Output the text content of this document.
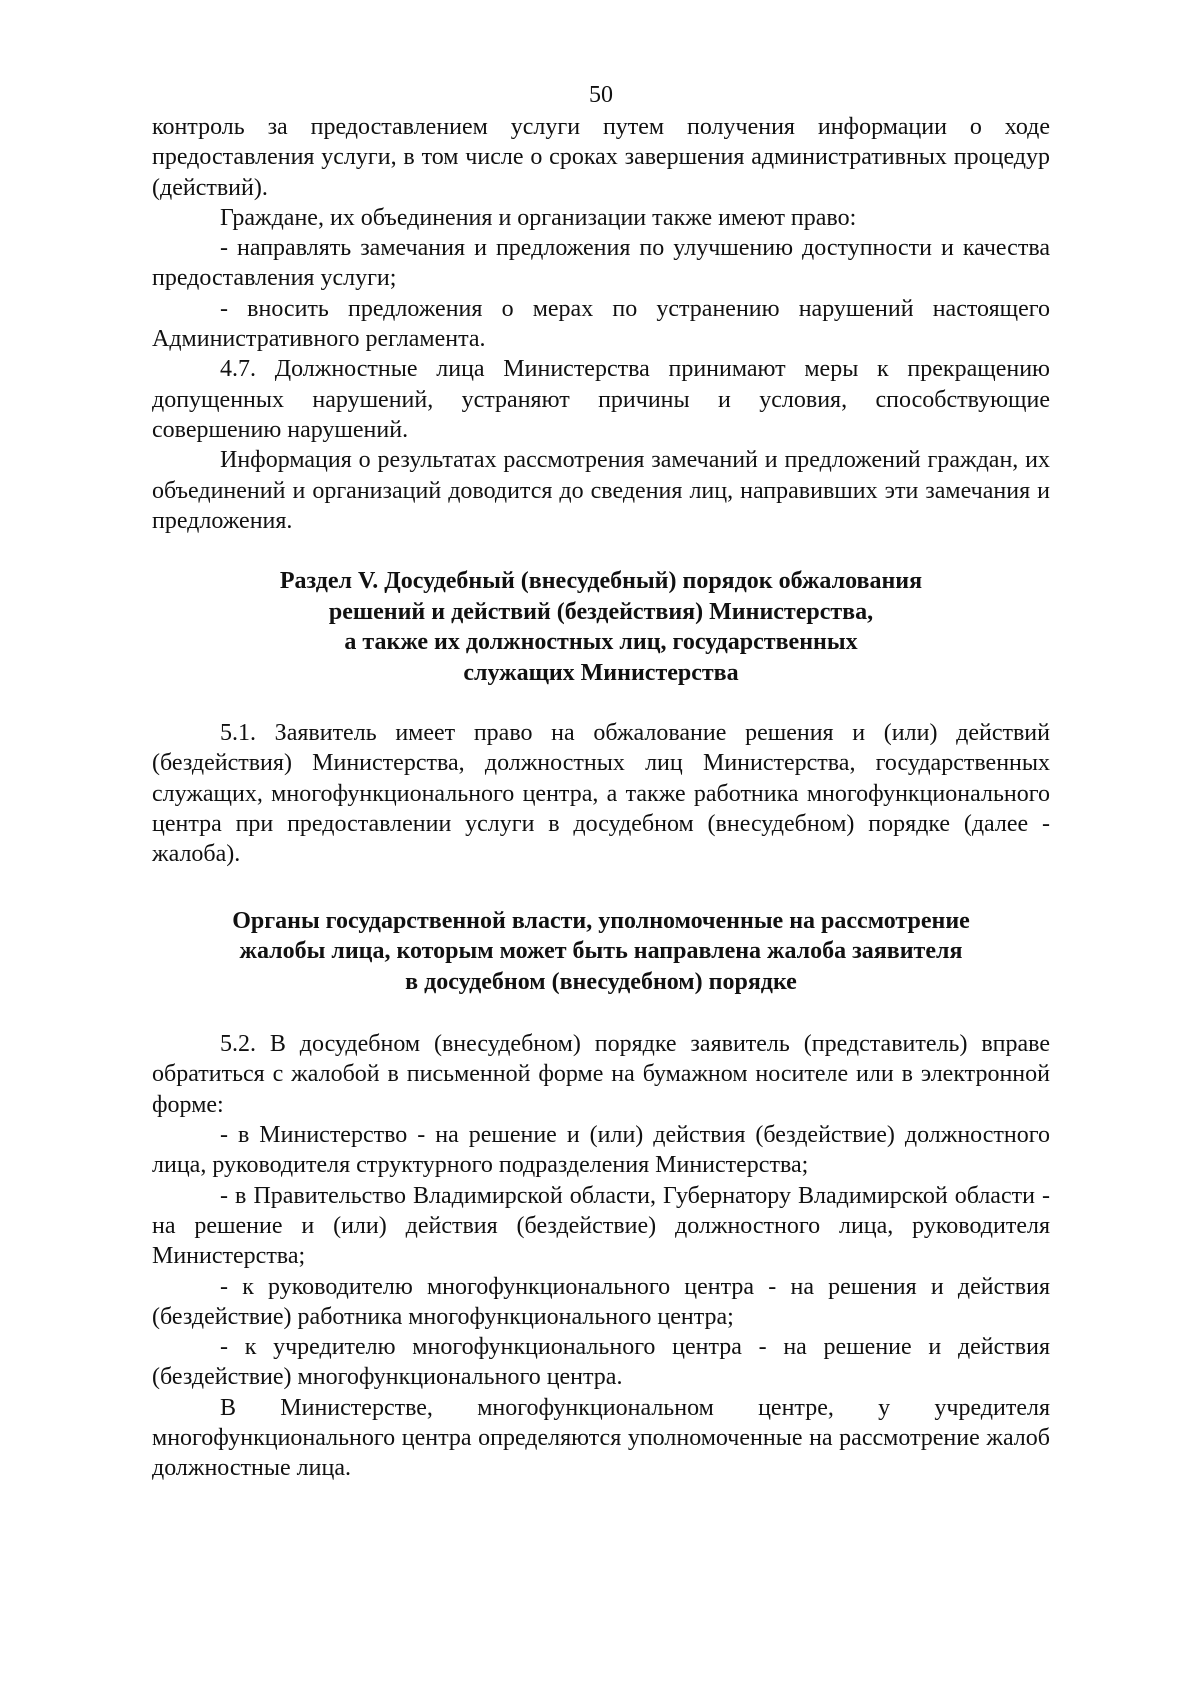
50

контроль за предоставлением услуги путем получения информации о ходе предоставления услуги, в том числе о сроках завершения административных процедур (действий).

Граждане, их объединения и организации также имеют право:

- направлять замечания и предложения по улучшению доступности и качества предоставления услуги;

- вносить предложения о мерах по устранению нарушений настоящего Административного регламента.

4.7. Должностные лица Министерства принимают меры к прекращению допущенных нарушений, устраняют причины и условия, способствующие совершению нарушений.

Информация о результатах рассмотрения замечаний и предложений граждан, их объединений и организаций доводится до сведения лиц, направивших эти замечания и предложения.

Раздел V. Досудебный (внесудебный) порядок обжалования
решений и действий (бездействия) Министерства,
а также их должностных лиц, государственных
служащих Министерства

5.1. Заявитель имеет право на обжалование решения и (или) действий (бездействия) Министерства, должностных лиц Министерства, государственных служащих, многофункционального центра, а также работника многофункционального центра при предоставлении услуги в досудебном (внесудебном) порядке (далее - жалоба).

Органы государственной власти, уполномоченные на рассмотрение
жалобы лица, которым может быть направлена жалоба заявителя
в досудебном (внесудебном) порядке

5.2. В досудебном (внесудебном) порядке заявитель (представитель) вправе обратиться с жалобой в письменной форме на бумажном носителе или в электронной форме:

- в Министерство - на решение и (или) действия (бездействие) должностного лица, руководителя структурного подразделения Министерства;

- в Правительство Владимирской области, Губернатору Владимирской области - на решение и (или) действия (бездействие) должностного лица, руководителя Министерства;

- к руководителю многофункционального центра - на решения и действия (бездействие) работника многофункционального центра;

- к учредителю многофункционального центра - на решение и действия (бездействие) многофункционального центра.

В Министерстве, многофункциональном центре, у учредителя многофункционального центра определяются уполномоченные на рассмотрение жалоб должностные лица.
